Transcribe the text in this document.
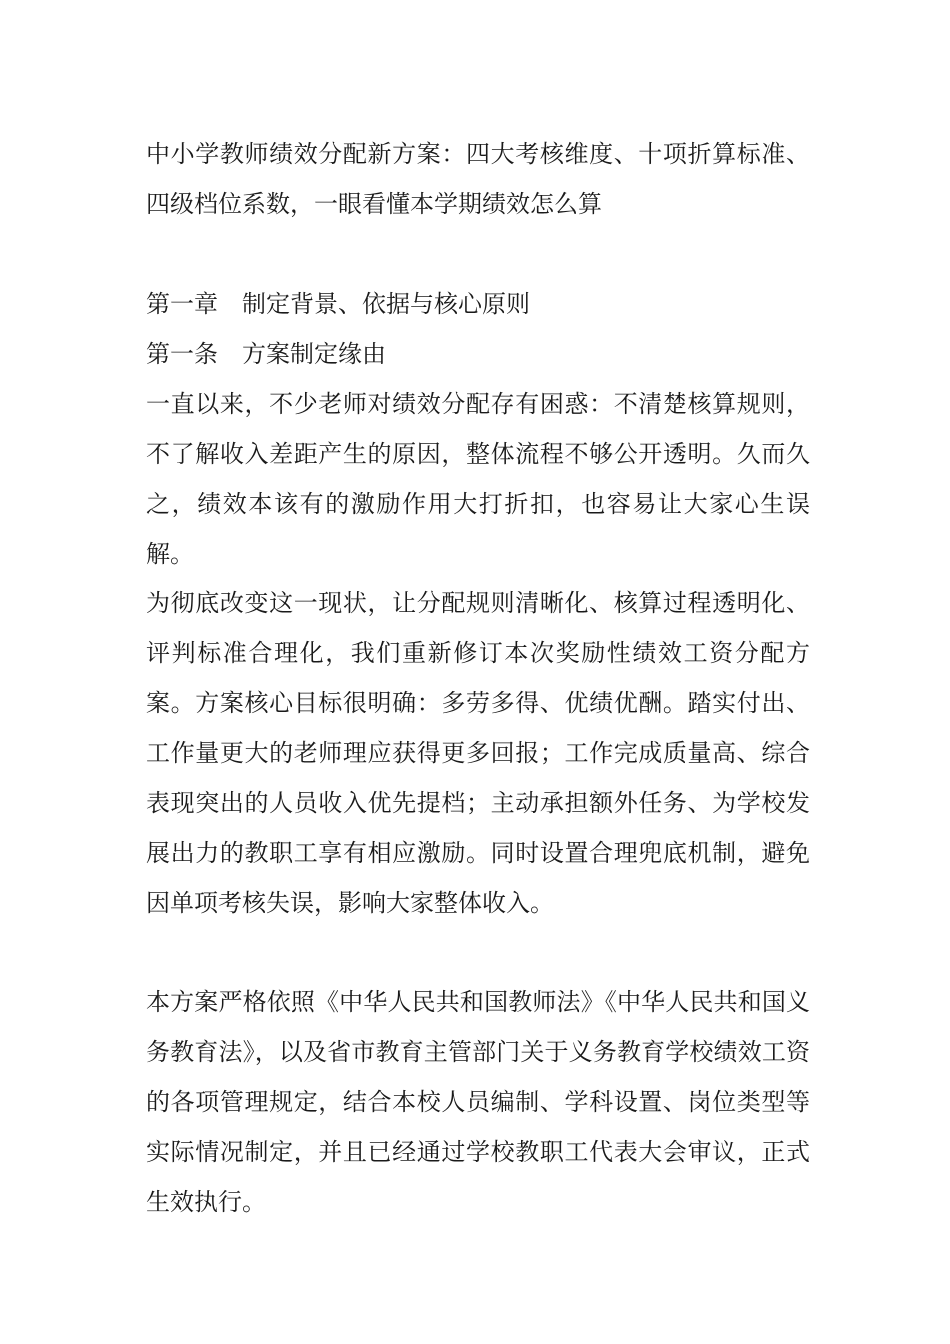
中小学教师绩效分配新方案：四大考核维度、十项折算标准、四级档位系数，一眼看懂本学期绩效怎么算

第一章　制定背景、依据与核心原则

第一条　方案制定缘由

一直以来，不少老师对绩效分配存有困惑：不清楚核算规则，不了解收入差距产生的原因，整体流程不够公开透明。久而久之，绩效本该有的激励作用大打折扣，也容易让大家心生误解。

为彻底改变这一现状，让分配规则清晰化、核算过程透明化、评判标准合理化，我们重新修订本次奖励性绩效工资分配方案。方案核心目标很明确：多劳多得、优绩优酬。踏实付出、工作量更大的老师理应获得更多回报；工作完成质量高、综合表现突出的人员收入优先提档；主动承担额外任务、为学校发展出力的教职工享有相应激励。同时设置合理兜底机制，避免因单项考核失误，影响大家整体收入。

本方案严格依照《中华人民共和国教师法》《中华人民共和国义务教育法》，以及省市教育主管部门关于义务教育学校绩效工资的各项管理规定，结合本校人员编制、学科设置、岗位类型等实际情况制定，并且已经通过学校教职工代表大会审议，正式生效执行。
